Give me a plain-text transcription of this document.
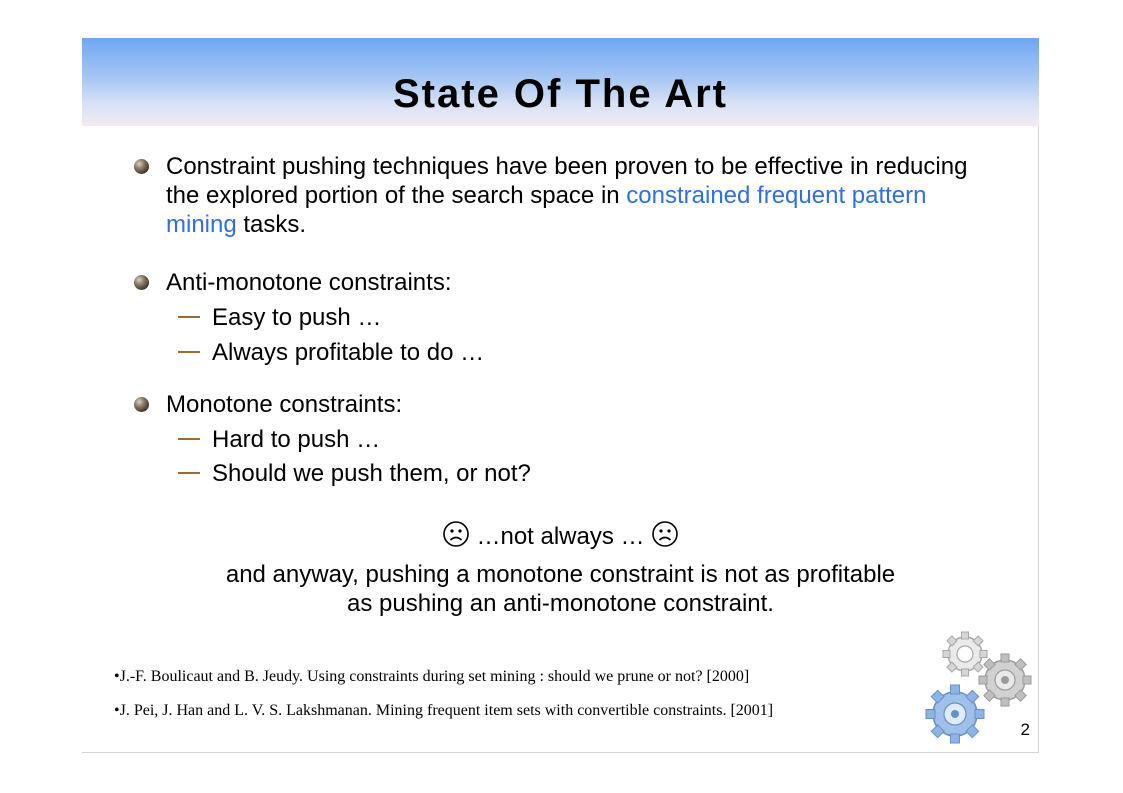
State Of The Art
Constraint pushing techniques have been proven to be effective in reducing the explored portion of the search space in constrained frequent pattern mining tasks.
Anti-monotone constraints:
Easy to push …
Always profitable to do …
Monotone constraints:
Hard to push …
Should we push them, or not?
…not always …
and anyway, pushing a monotone constraint is not as profitable
as pushing an anti-monotone constraint.
•J.-F. Boulicaut and B. Jeudy. Using constraints during set mining : should we prune or not? [2000]
•J. Pei, J. Han and L. V. S. Lakshmanan. Mining frequent item sets with convertible constraints. [2001]
2
